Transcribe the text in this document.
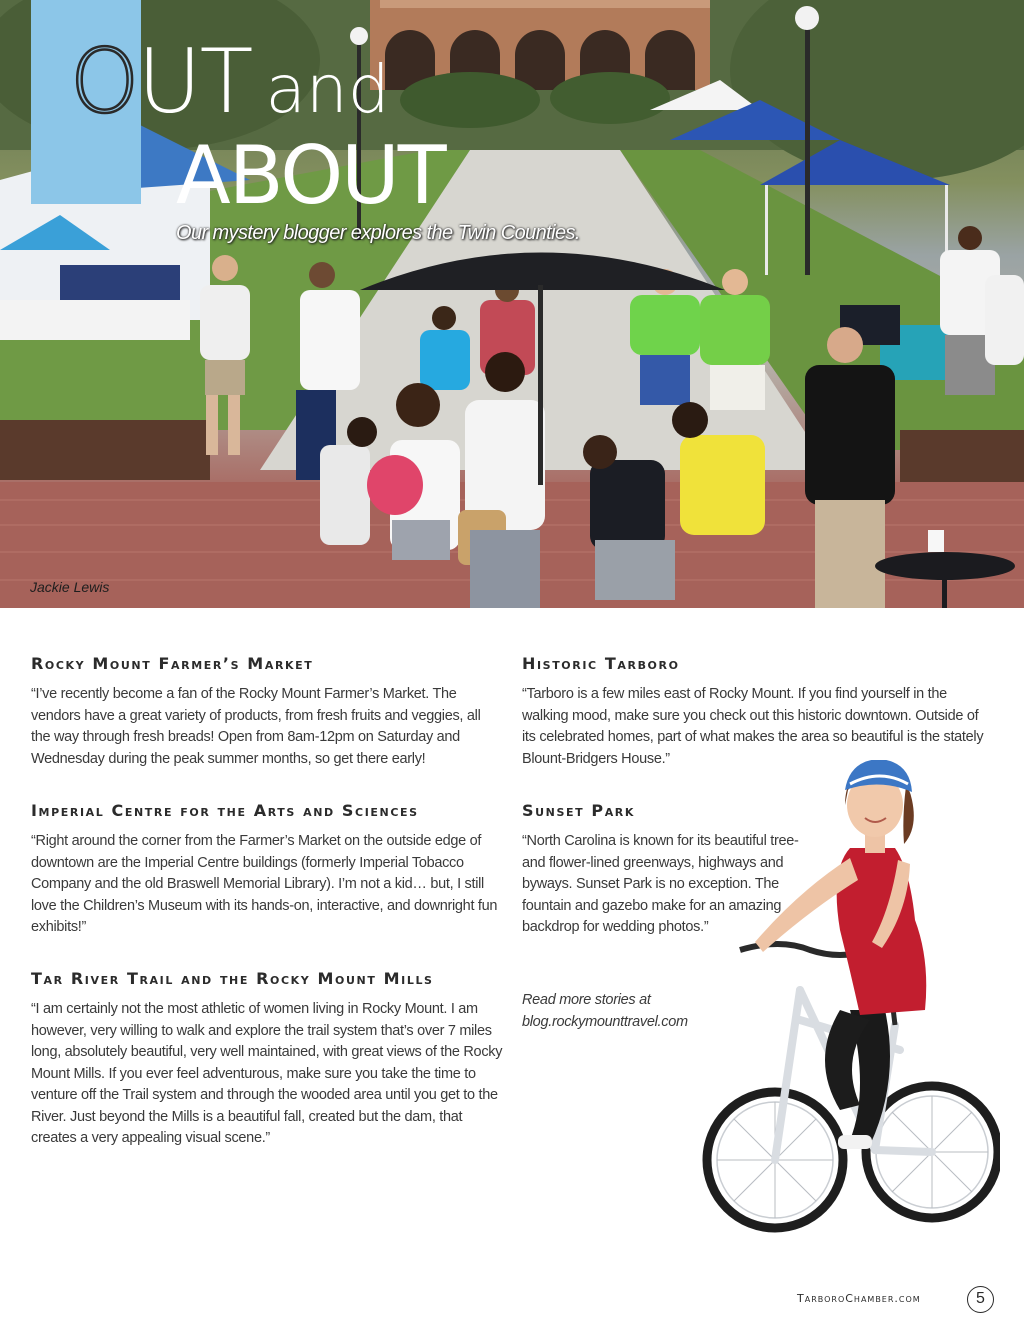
OUT and
ABOUT
Our mystery blogger explores the Twin Counties.
Jackie Lewis
Rocky Mount Farmer’s Market

“I’ve recently become a fan of the Rocky Mount Farmer’s Market. The vendors have a great variety of products, from fresh fruits and veggies, all the way through fresh breads! Open from 8am-12pm on Saturday and Wednesday during the peak summer months, so get there early!

Imperial Centre for the Arts and Sciences

“Right around the corner from the Farmer’s Market on the outside edge of downtown are the Imperial Centre buildings (formerly Imperial Tobacco Company and the old Braswell Memorial Library). I’m not a kid… but, I still love the Children’s Museum with its hands-on, interactive, and downright fun exhibits!”

Tar River Trail and the Rocky Mount Mills

“I am certainly not the most athletic of women living in Rocky Mount. I am however, very willing to walk and explore the trail system that’s over 7 miles long, absolutely beautiful, very well maintained, with great views of the Rocky Mount Mills. If you ever feel adventurous, make sure you take the time to venture off the Trail system and through the wooded area until you get to the River. Just beyond the Mills is a beautiful fall, created but the dam, that creates a very appealing visual scene.”

Historic Tarboro

“Tarboro is a few miles east of Rocky Mount. If you find yourself in the walking mood, make sure you check out this historic downtown. Outside of its celebrated homes, part of what makes the area so beautiful is the stately Blount-Bridgers House.”

Sunset Park

“North Carolina is known for its beautiful tree- and flower-lined greenways, highways and byways. Sunset Park is no exception. The fountain and gazebo make for an amazing backdrop for wedding photos.”

Read more stories at
blog.rockymounttravel.com
TarboroChamber.com	5
